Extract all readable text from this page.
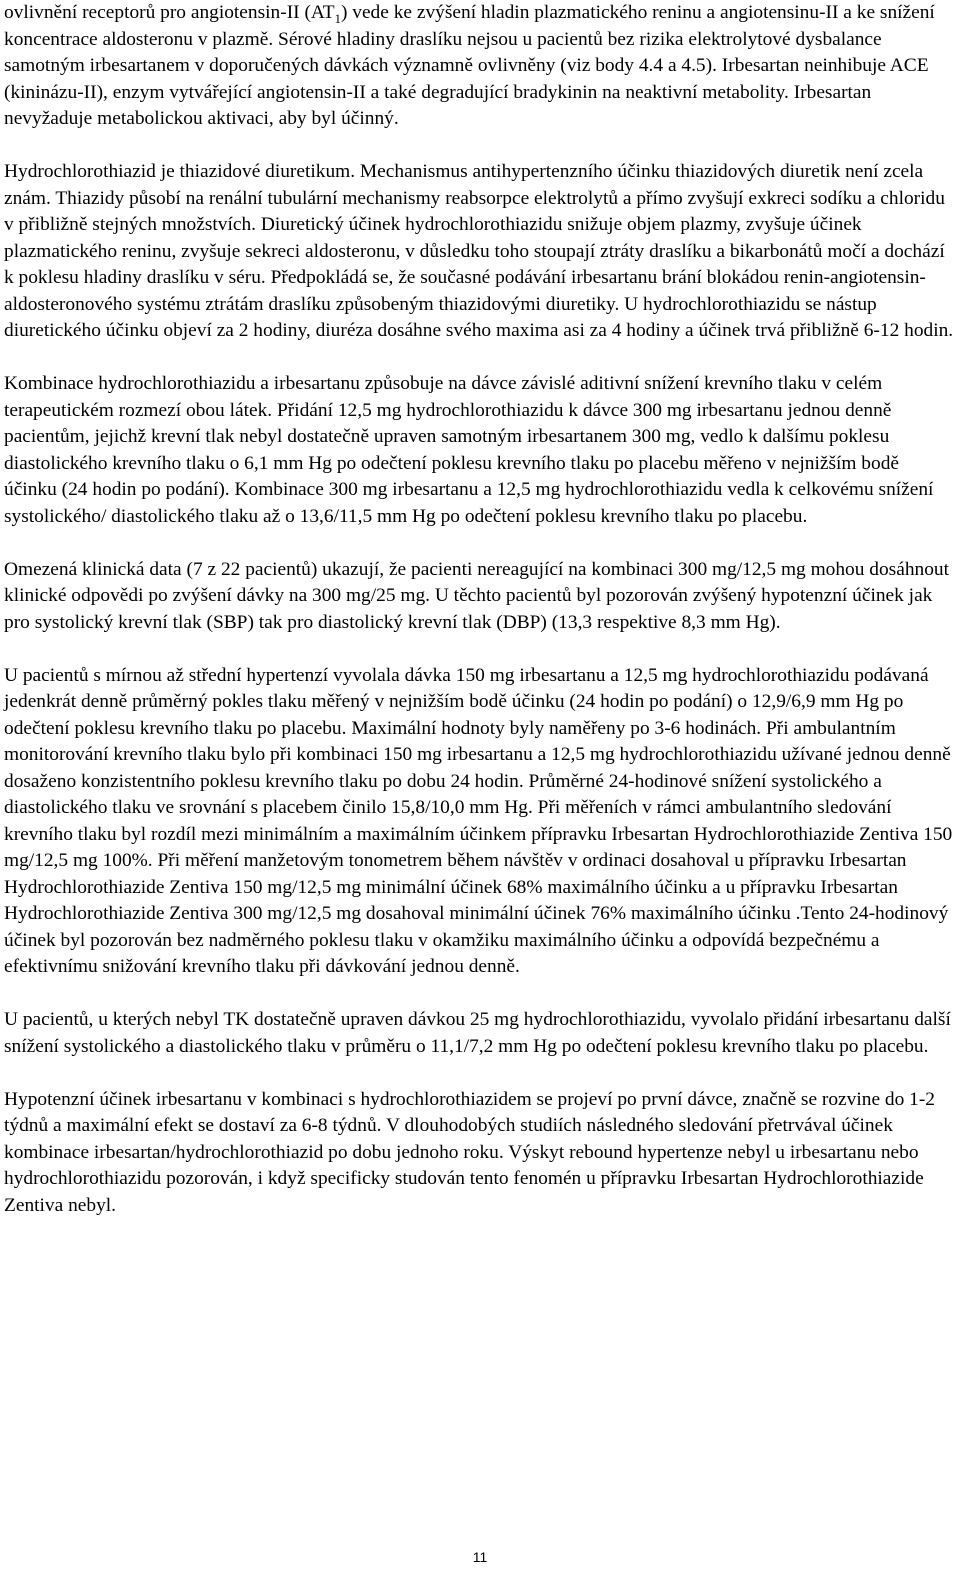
ovlivnění receptorů pro angiotensin-II $(AT_1)$ vede ke zvýšení hladin plazmatického reninu a angiotensinu-II a ke snížení koncentrace aldosteronu v plazmě. Sérové hladiny draslíku nejsou u pacientů bez rizika elektrolytové dysbalance samotným irbesartanem v doporučených dávkách významně ovlivněny (viz body 4.4 a 4.5). Irbesartan neinhibuje ACE (kininázu-II), enzym vytvářející angiotensin-II a také degradující bradykinin na neaktivní metabolity. Irbesartan nevyžaduje metabolickou aktivaci, aby byl účinný.

Hydrochlorothiazid je thiazidové diuretikum. Mechanismus antihypertenzního účinku thiazidových diuretik není zcela znám. Thiazidy působí na renální tubulární mechanismy reabsorpce elektrolytů a přímo zvyšují exkreci sodíku a chloridu v přibližně stejných množstvích. Diuretický účinek hydrochlorothiazidu snižuje objem plazmy, zvyšuje účinek plazmatického reninu, zvyšuje sekreci aldosteronu, v důsledku toho stoupají ztráty draslíku a bikarbonátů močí a dochází k poklesu hladiny draslíku v séru. Předpokládá se, že současné podávání irbesartanu brání blokádou renin-angiotensin-aldosteronového systému ztrátám draslíku způsobeným thiazidovými diuretiky. U hydrochlorothiazidu se nástup diuretického účinku objeví za 2 hodiny, diuréza dosáhne svého maxima asi za 4 hodiny a účinek trvá přibližně 6-12 hodin.

Kombinace hydrochlorothiazidu a irbesartanu způsobuje na dávce závislé aditivní snížení krevního tlaku v celém terapeutickém rozmezí obou látek. Přidání 12,5 mg hydrochlorothiazidu k dávce 300 mg irbesartanu jednou denně pacientům, jejichž krevní tlak nebyl dostatečně upraven samotným irbesartanem 300 mg, vedlo k dalšímu poklesu diastolického krevního tlaku o 6,1 mm Hg po odečtení poklesu krevního tlaku po placebu měřeno v nejnižším bodě účinku (24 hodin po podání). Kombinace 300 mg irbesartanu a 12,5 mg hydrochlorothiazidu vedla k celkovému snížení systolického/ diastolického tlaku až o 13,6/11,5 mm Hg po odečtení poklesu krevního tlaku po placebu.

Omezená klinická data (7 z 22 pacientů) ukazují, že pacienti nereagující na kombinaci 300 mg/12,5 mg mohou dosáhnout klinické odpovědi po zvýšení dávky na 300 mg/25 mg. U těchto pacientů byl pozorován zvýšený hypotenzní účinek jak pro systolický krevní tlak (SBP) tak pro diastolický krevní tlak (DBP) (13,3 respektive 8,3 mm Hg).

U pacientů s mírnou až střední hypertenzí vyvolala dávka 150 mg irbesartanu a 12,5 mg hydrochlorothiazidu podávaná jedenkrát denně průměrný pokles tlaku měřený v nejnižším bodě účinku (24 hodin po podání) o 12,9/6,9 mm Hg po odečtení poklesu krevního tlaku po placebu. Maximální hodnoty byly naměřeny po 3-6 hodinách. Při ambulantním monitorování krevního tlaku bylo při kombinaci 150 mg irbesartanu a 12,5 mg hydrochlorothiazidu užívané jednou denně dosaženo konzistentního poklesu krevního tlaku po dobu 24 hodin. Průměrné 24-hodinové snížení systolického a diastolického tlaku ve srovnání s placebem činilo 15,8/10,0 mm Hg. Při měřeních v rámci ambulantního sledování krevního tlaku byl rozdíl mezi minimálním a maximálním účinkem přípravku Irbesartan Hydrochlorothiazide Zentiva 150 mg/12,5 mg 100%. Při měření manžetovým tonometrem během návštěv v ordinaci dosahoval u přípravku Irbesartan Hydrochlorothiazide Zentiva 150 mg/12,5 mg minimální účinek 68% maximálního účinku a u přípravku Irbesartan Hydrochlorothiazide Zentiva 300 mg/12,5 mg dosahoval minimální účinek 76% maximálního účinku .Tento 24-hodinový účinek byl pozorován bez nadměrného poklesu tlaku v okamžiku maximálního účinku a odpovídá bezpečnému a efektivnímu snižování krevního tlaku při dávkování jednou denně.

U pacientů, u kterých nebyl TK dostatečně upraven dávkou 25 mg hydrochlorothiazidu, vyvolalo přidání irbesartanu další snížení systolického a diastolického tlaku v průměru o 11,1/7,2 mm Hg po odečtení poklesu krevního tlaku po placebu.

Hypotenzní účinek irbesartanu v kombinaci s hydrochlorothiazidem se projeví po první dávce, značně se rozvine do 1-2 týdnů a maximální efekt se dostaví za 6-8 týdnů. V dlouhodobých studiích následného sledování přetrvával účinek kombinace irbesartan/hydrochlorothiazid po dobu jednoho roku. Výskyt rebound hypertenze nebyl u irbesartanu nebo hydrochlorothiazidu pozorován, i když specificky studován tento fenomén u přípravku Irbesartan Hydrochlorothiazide Zentiva nebyl.

11
